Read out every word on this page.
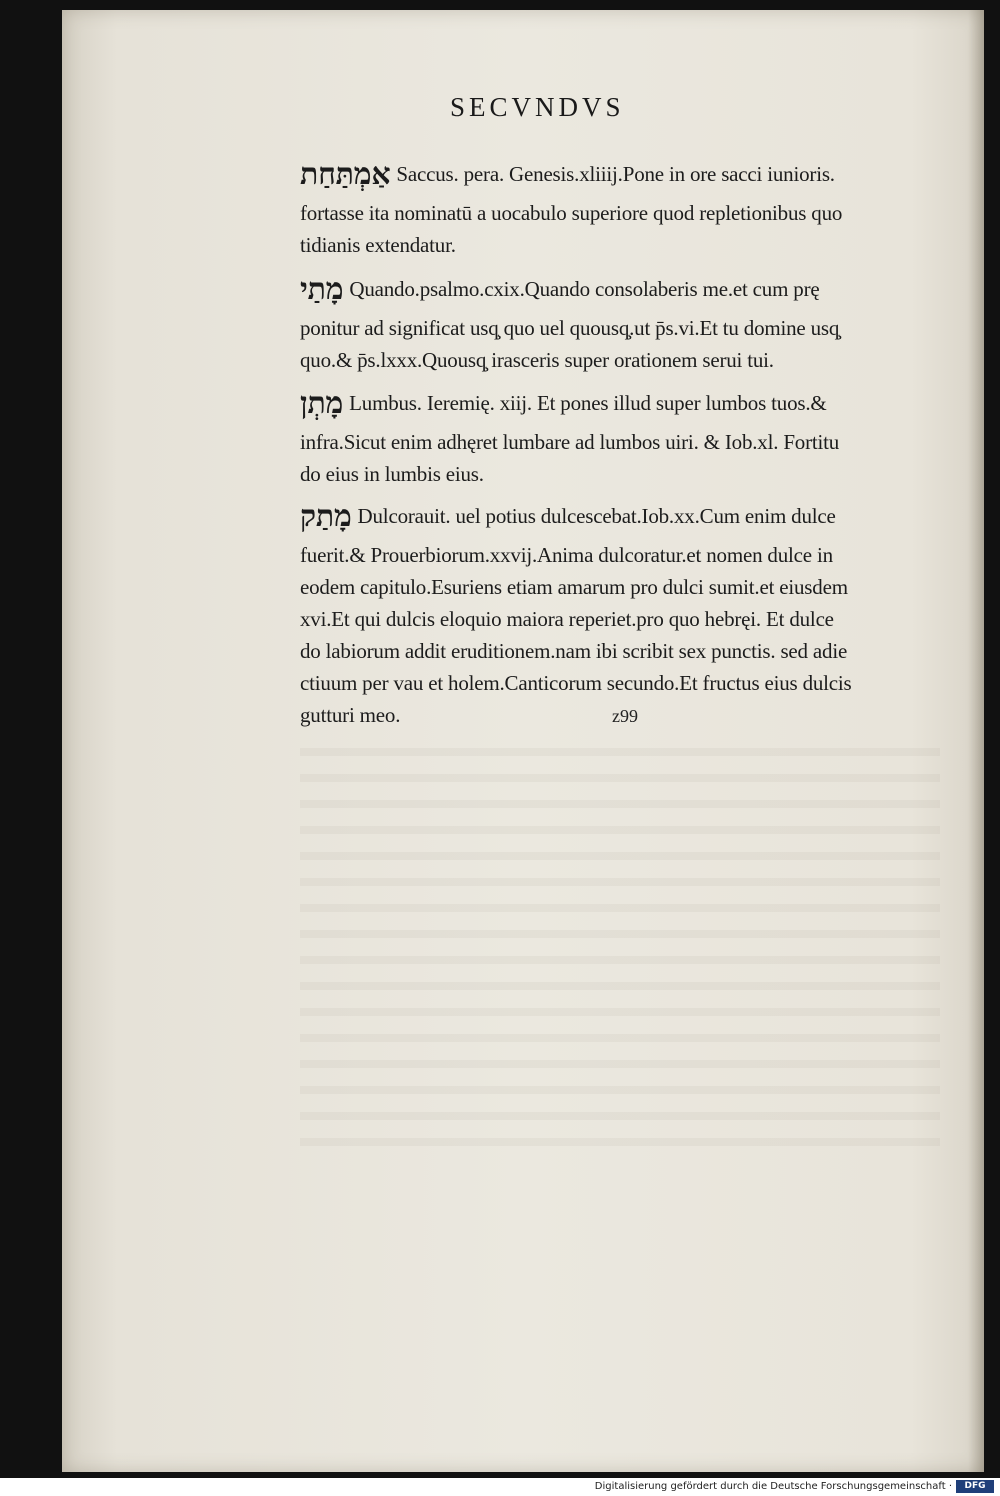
SECVNDVS
אַמְתַּחַת Saccus. pera. Genesis.xliiij.Pone in ore sacci iunioris.
fortasse ita nominatū a uocabulo superiore quod repletionibus quo
tidianis extendatur.
מָתַי Quando.psalmo.cxix.Quando consolaberis me.et cum prę
ponitur ad significat usq̧ quo uel quousq̧.ut p̄s.vi.Et tu domine usq̧
quo.& p̄s.lxxx.Quousq̧ irasceris super orationem serui tui.
מָתְן Lumbus. Ieremię. xiij. Et pones illud super lumbos tuos.&
infra.Sicut enim adhęret lumbare ad lumbos uiri. & Iob.xl. Fortitu
do eius in lumbis eius.
מָתַק Dulcorauit. uel potius dulcescebat.Iob.xx.Cum enim dulce
fuerit.& Prouerbiorum.xxvij.Anima dulcoratur.et nomen dulce in
eodem capitulo.Esuriens etiam amarum pro dulci sumit.et eiusdem
xvi.Et qui dulcis eloquio maiora reperiet.pro quo hebręi. Et dulce
do labiorum addit eruditionem.nam ibi scribit sex punctis. sed adie
ctiuum per vau et holem.Canticorum secundo.Et fructus eius dulcis
gutturi meo.	z99
Digitalisierung gefördert durch die Deutsche Forschungsgemeinschaft ·	DFG
